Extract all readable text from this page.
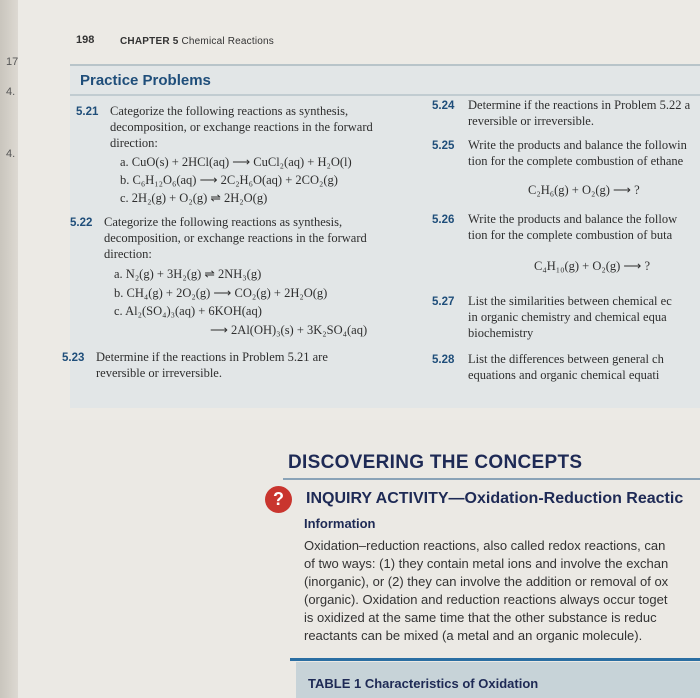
17
4.
4.
198	CHAPTER 5 Chemical Reactions
Practice Problems
5.21 Categorize the following reactions as synthesis,
decomposition, or exchange reactions in the forward
direction:
a. CuO(s) + 2HCl(aq) ⟶ CuCl₂(aq) + H₂O(l)
b. C₆H₁₂O₆(aq) ⟶ 2C₂H₆O(aq) + 2CO₂(g)
c. 2H₂(g) + O₂(g) ⇌ 2H₂O(g)
5.22 Categorize the following reactions as synthesis,
decomposition, or exchange reactions in the forward
direction:
a. N₂(g) + 3H₂(g) ⇌ 2NH₃(g)
b. CH₄(g) + 2O₂(g) ⟶ CO₂(g) + 2H₂O(g)
c. Al₂(SO₄)₃(aq) + 6KOH(aq)
⟶ 2Al(OH)₃(s) + 3K₂SO₄(aq)
5.23 Determine if the reactions in Problem 5.21 are
reversible or irreversible.
5.24 Determine if the reactions in Problem 5.22 a
reversible or irreversible.
5.25 Write the products and balance the followin
tion for the complete combustion of ethane
C₂H₆(g) + O₂(g) ⟶ ?
5.26 Write the products and balance the follow
tion for the complete combustion of buta
C₄H₁₀(g) + O₂(g) ⟶ ?
5.27 List the similarities between chemical ec
in organic chemistry and chemical equa
biochemistry
5.28 List the differences between general ch
equations and organic chemical equati
DISCOVERING THE CONCEPTS
?	INQUIRY ACTIVITY—Oxidation-Reduction Reactic
Information
Oxidation–reduction reactions, also called redox reactions, can
of two ways: (1) they contain metal ions and involve the exchan
(inorganic), or (2) they can involve the addition or removal of ox
(organic). Oxidation and reduction reactions always occur toget
is oxidized at the same time that the other substance is reduc
reactants can be mixed (a metal and an organic molecule).
TABLE 1 Characteristics of Oxidation
